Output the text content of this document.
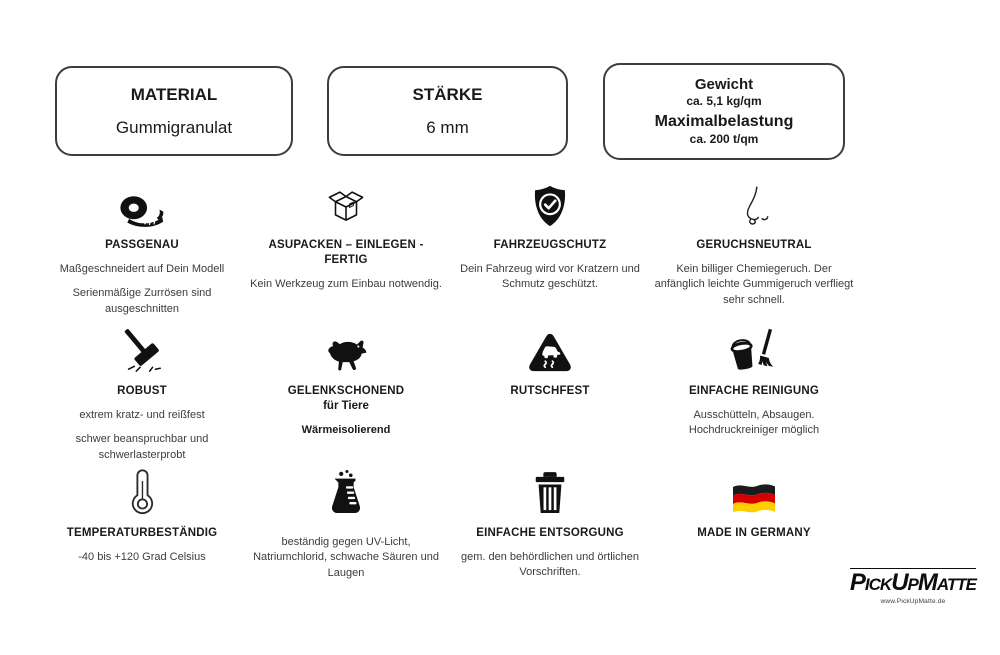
MATERIAL
Gummigranulat
STÄRKE
6 mm
Gewicht
ca. 5,1 kg/qm
Maximalbelastung
ca. 200 t/qm
PASSGENAU

Maßgeschneidert auf Dein Modell

Serienmäßige Zurrösen sind ausgeschnitten

ASUPACKEN – EINLEGEN - FERTIG

Kein Werkzeug zum Einbau notwendig.

FAHRZEUGSCHUTZ

Dein Fahrzeug wird vor Kratzern und Schmutz geschützt.

GERUCHSNEUTRAL

Kein billiger Chemiegeruch. Der anfänglich leichte Gummigeruch verfliegt sehr schnell.

ROBUST

extrem kratz- und reißfest

schwer beanspruchbar und schwerlasterprobt

GELENKSCHONEND
für Tiere

Wärmeisolierend

RUTSCHFEST	EINFACHE REINIGUNG

Ausschütteln, Absaugen. Hochdruckreiniger möglich

TEMPERATURBESTÄNDIG

-40 bis +120 Grad Celsius

beständig gegen UV-Licht, Natriumchlorid, schwache Säuren und Laugen

EINFACHE ENTSORGUNG

gem. den behördlichen und örtlichen Vorschriften.

MADE IN GERMANY
PickUpMatte
www.PickUpMatte.de
